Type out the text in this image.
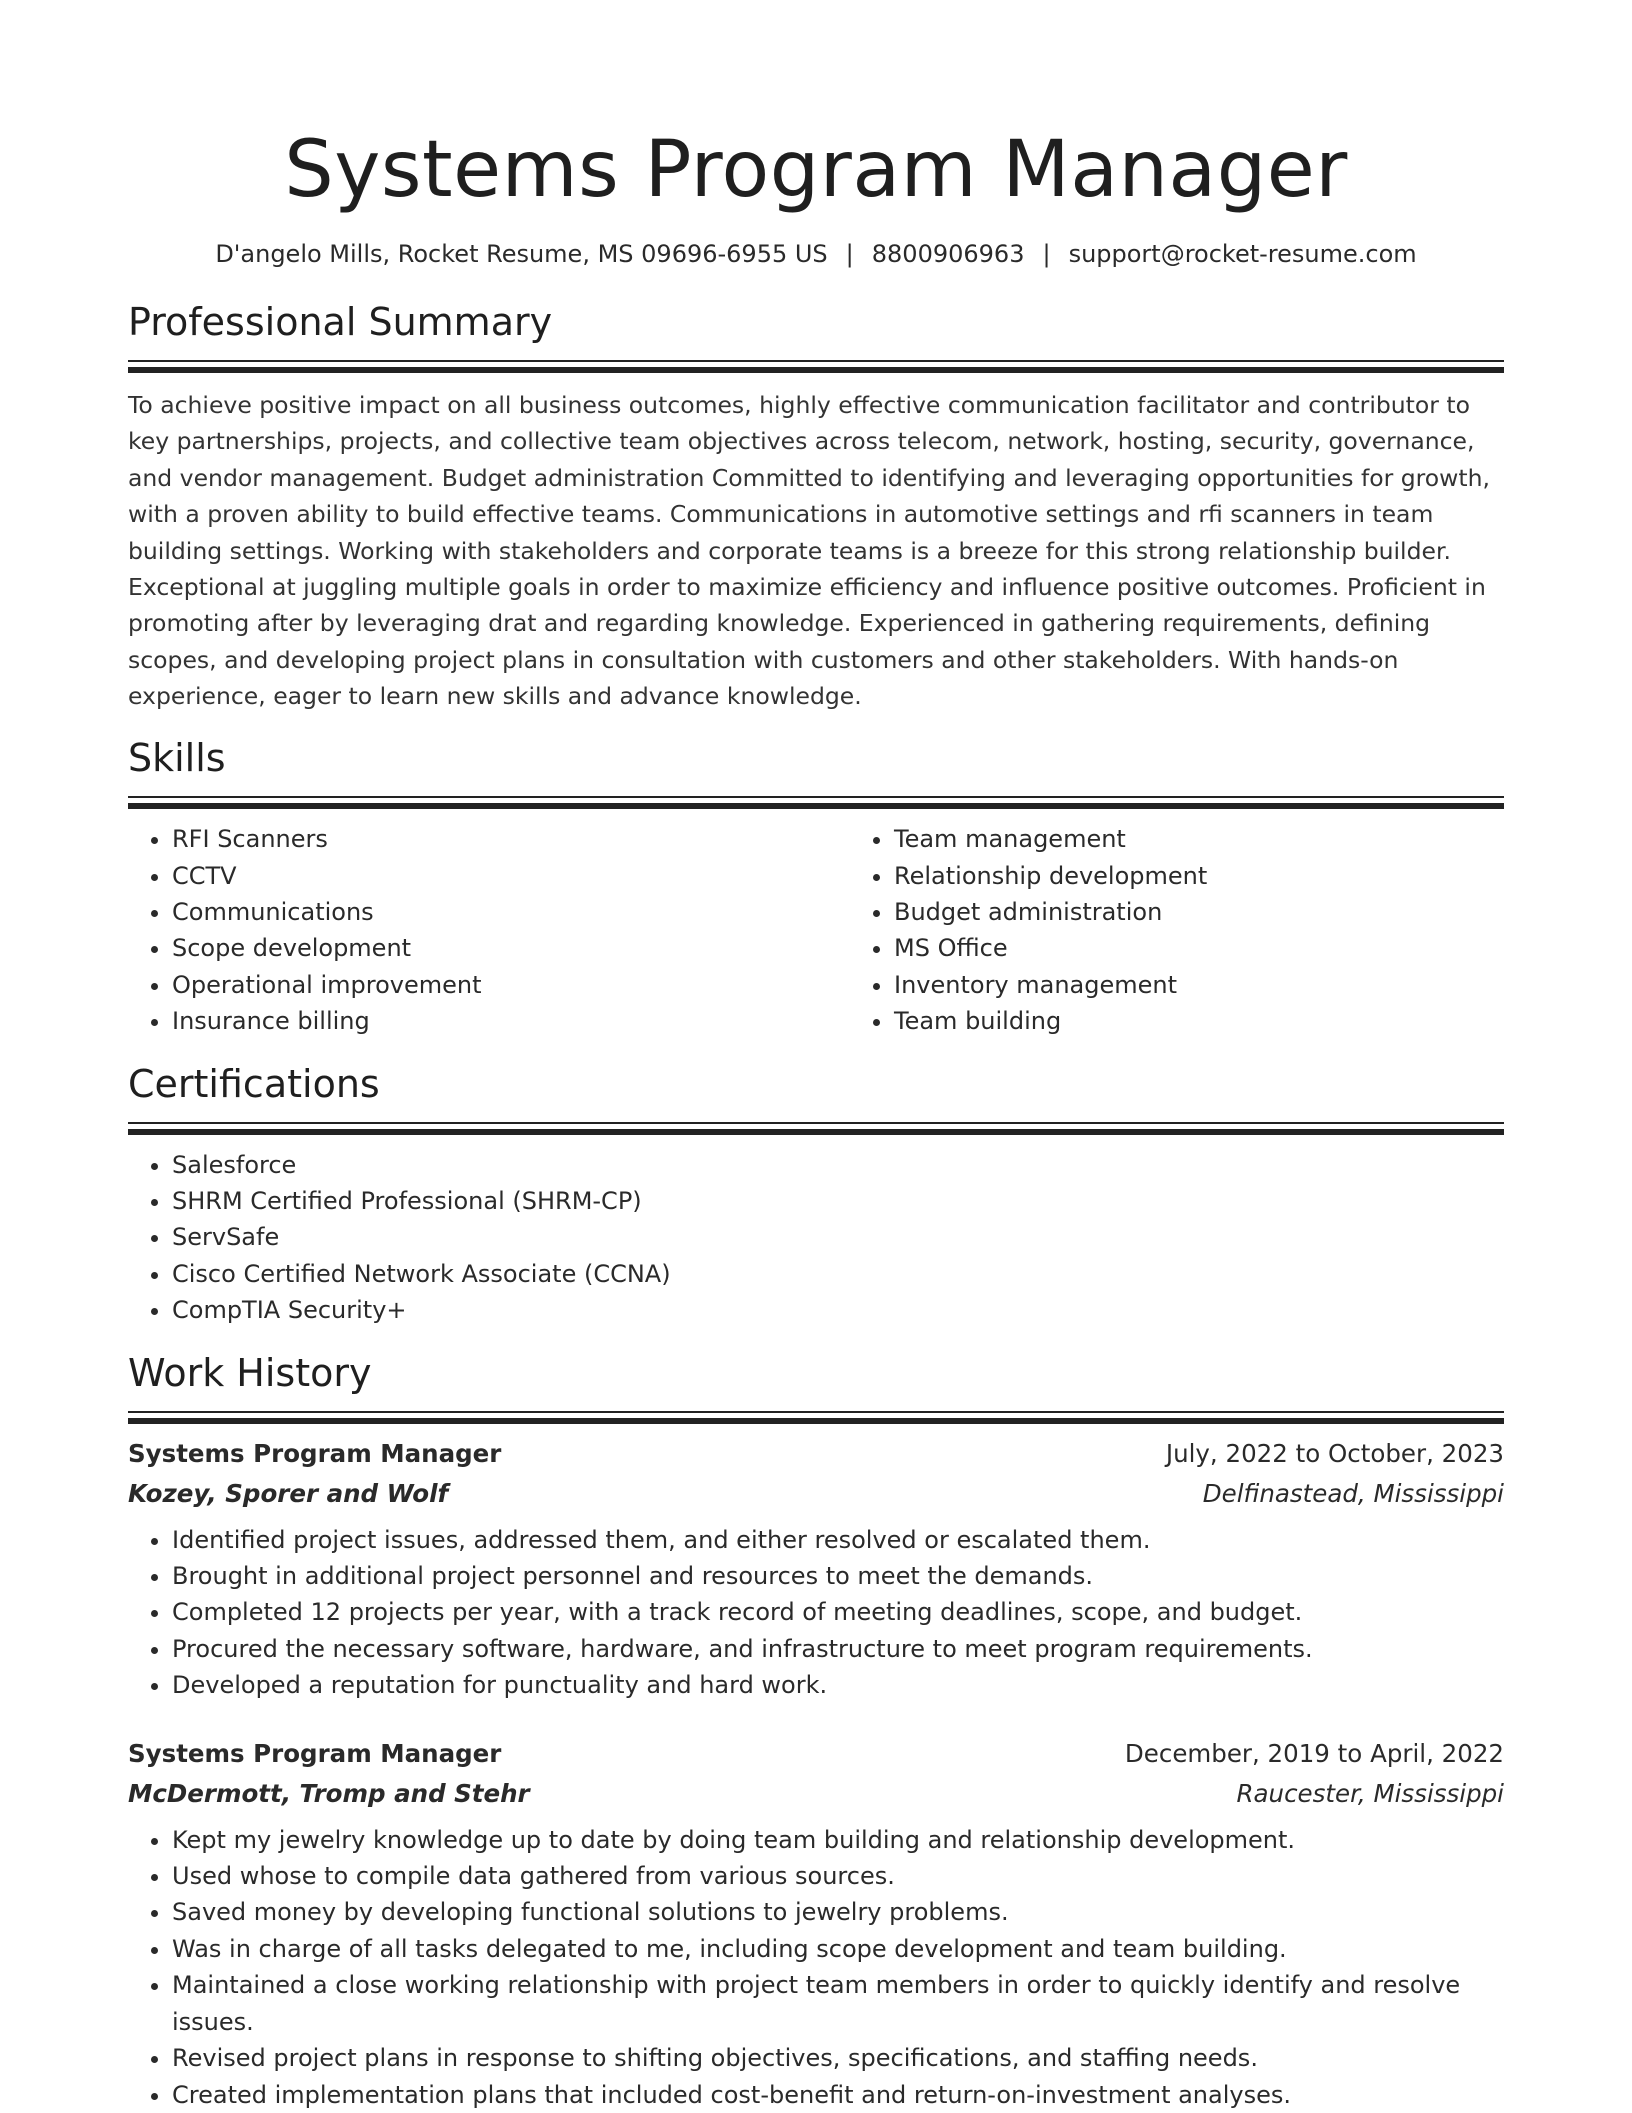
Systems Program Manager
D'angelo Mills, Rocket Resume, MS 09696-6955 US | 8800906963 | support@rocket-resume.com
Professional Summary

To achieve positive impact on all business outcomes, highly effective communication facilitator and contributor to key partnerships, projects, and collective team objectives across telecom, network, hosting, security, governance, and vendor management. Budget administration Committed to identifying and leveraging opportunities for growth, with a proven ability to build effective teams. Communications in automotive settings and rfi scanners in team building settings. Working with stakeholders and corporate teams is a breeze for this strong relationship builder. Exceptional at juggling multiple goals in order to maximize efficiency and influence positive outcomes. Proficient in promoting after by leveraging drat and regarding knowledge. Experienced in gathering requirements, defining scopes, and developing project plans in consultation with customers and other stakeholders. With hands-on experience, eager to learn new skills and advance knowledge.

Skills
• RFI Scanners
• CCTV
• Communications
• Scope development
• Operational improvement
• Insurance billing
• Team management
• Relationship development
• Budget administration
• MS Office
• Inventory management
• Team building
Certifications
• Salesforce
• SHRM Certified Professional (SHRM-CP)
• ServSafe
• Cisco Certified Network Associate (CCNA)
• CompTIA Security+
Work History
Systems Program Manager	July, 2022 to October, 2023
Kozey, Sporer and Wolf	Delfinastead, Mississippi
• Identified project issues, addressed them, and either resolved or escalated them.
• Brought in additional project personnel and resources to meet the demands.
• Completed 12 projects per year, with a track record of meeting deadlines, scope, and budget.
• Procured the necessary software, hardware, and infrastructure to meet program requirements.
• Developed a reputation for punctuality and hard work.
Systems Program Manager	December, 2019 to April, 2022
McDermott, Tromp and Stehr	Raucester, Mississippi
• Kept my jewelry knowledge up to date by doing team building and relationship development.
• Used whose to compile data gathered from various sources.
• Saved money by developing functional solutions to jewelry problems.
• Was in charge of all tasks delegated to me, including scope development and team building.
• Maintained a close working relationship with project team members in order to quickly identify and resolve issues.
• Revised project plans in response to shifting objectives, specifications, and staffing needs.
• Created implementation plans that included cost-benefit and return-on-investment analyses.
